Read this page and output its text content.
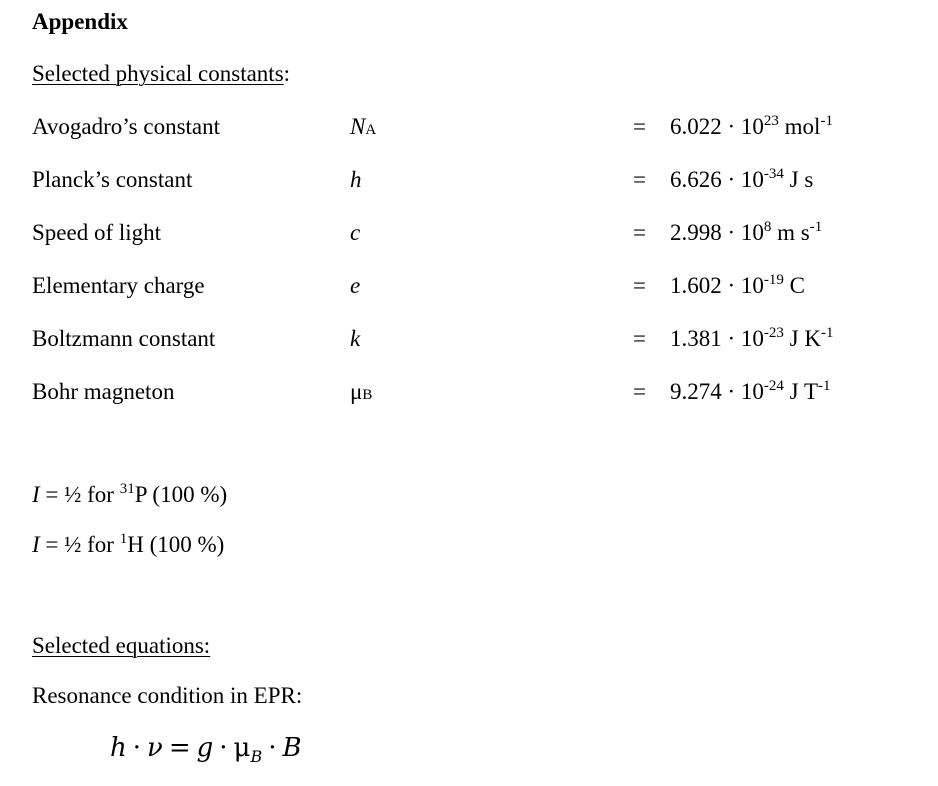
Appendix
Selected physical constants:
Avogadro’s constant	NA	= $6.022 \cdot 10^{23}$ mol$^{-1}$
Planck’s constant	h	= $6.626 \cdot 10^{-34}$ J s
Speed of light	c	= $2.998 \cdot 10^8$ m $s^{-1}$
Elementary charge	e	= $1.602 \cdot 10^{-19}$ C
Boltzmann constant	k	= $1.381 \cdot 10^{-23}$ J $K^{-1}$
Bohr magneton	μB	= $9.274 \cdot 10^{-24}$ J $T^{-1}$
I = ½ for $^{31}$P (100 %)
I = ½ for $^1$H (100 %)
Selected equations:
Resonance condition in EPR:
$h \cdot \nu = g \cdot \mu_B \cdot B$
